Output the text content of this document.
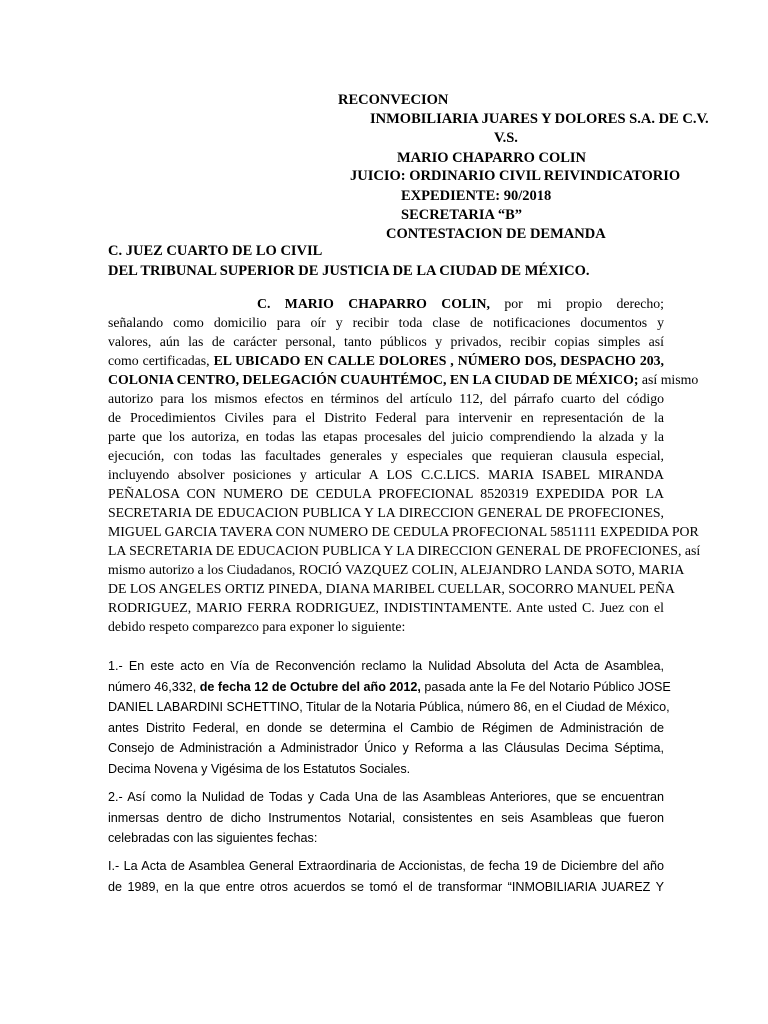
RECONVECION
INMOBILIARIA JUARES Y DOLORES S.A. DE C.V.
V.S.
MARIO CHAPARRO COLIN
JUICIO: ORDINARIO CIVIL REIVINDICATORIO
EXPEDIENTE: 90/2018
SECRETARIA “B”
CONTESTACION DE DEMANDA
C. JUEZ CUARTO DE LO CIVIL
DEL TRIBUNAL SUPERIOR DE JUSTICIA DE LA CIUDAD DE MÉXICO.
C. MARIO CHAPARRO COLIN, por mi propio derecho;
señalando como domicilio para oír y recibir toda clase de notificaciones documentos y
valores, aún las de carácter personal, tanto públicos y privados, recibir copias simples así
como certificadas, EL UBICADO EN CALLE DOLORES , NÚMERO DOS, DESPACHO 203,
COLONIA CENTRO, DELEGACIÓN CUAUHTÉMOC, EN LA CIUDAD DE MÉXICO; así mismo
autorizo para los mismos efectos en términos del artículo 112, del párrafo cuarto del código
de Procedimientos Civiles para el Distrito Federal para intervenir en representación de la
parte que los autoriza, en todas las etapas procesales del juicio comprendiendo la alzada y la
ejecución, con todas las facultades generales y especiales que requieran clausula especial,
incluyendo absolver posiciones y articular A LOS C.C.LICS. MARIA ISABEL MIRANDA
PEÑALOSA CON NUMERO DE CEDULA PROFECIONAL 8520319 EXPEDIDA POR LA
SECRETARIA DE EDUCACION PUBLICA Y LA DIRECCION GENERAL DE PROFECIONES,
MIGUEL GARCIA TAVERA CON NUMERO DE CEDULA PROFECIONAL 5851111 EXPEDIDA POR
LA SECRETARIA DE EDUCACION PUBLICA Y LA DIRECCION GENERAL DE PROFECIONES, así
mismo autorizo a los Ciudadanos, ROCIÓ VAZQUEZ COLIN, ALEJANDRO LANDA SOTO, MARIA
DE LOS ANGELES ORTIZ PINEDA, DIANA MARIBEL CUELLAR, SOCORRO MANUEL PEÑA
RODRIGUEZ, MARIO FERRA RODRIGUEZ, INDISTINTAMENTE. Ante usted C. Juez con el
debido respeto comparezco para exponer lo siguiente:
1.- En este acto en Vía de Reconvención reclamo la Nulidad Absoluta del Acta de Asamblea,
número 46,332, de fecha 12 de Octubre del año 2012, pasada ante la Fe del Notario Público JOSE
DANIEL LABARDINI SCHETTINO, Titular de la Notaria Pública, número 86, en el Ciudad de México,
antes Distrito Federal, en donde se determina el Cambio de Régimen de Administración de
Consejo de Administración a Administrador Único y Reforma a las Cláusulas Decima Séptima,
Decima Novena y Vigésima de los Estatutos Sociales.
2.- Así como la Nulidad de Todas y Cada Una de las Asambleas Anteriores, que se encuentran
inmersas dentro de dicho Instrumentos Notarial, consistentes en seis Asambleas que fueron
celebradas con las siguientes fechas:
I.- La Acta de Asamblea General Extraordinaria de Accionistas, de fecha 19 de Diciembre del año
de 1989, en la que entre otros acuerdos se tomó el de transformar “INMOBILIARIA JUAREZ Y
